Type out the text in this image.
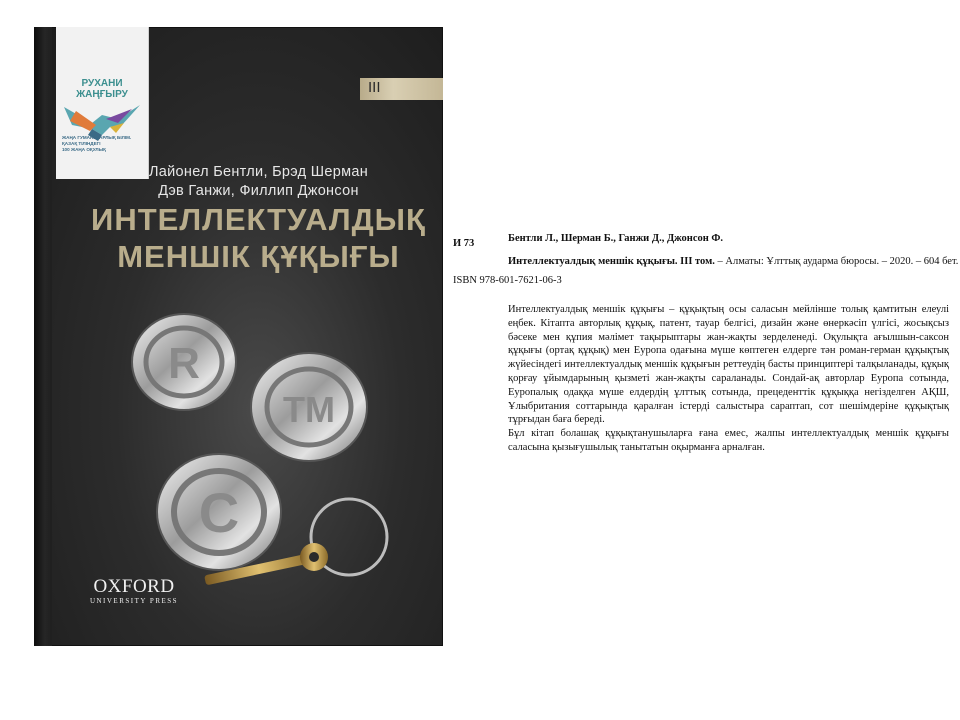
РУХАНИ
ЖАҢҒЫРУ
ЖАҢА ГУМАНИТАРЛЫҚ БІЛІМ.
ҚАЗАҚ ТІЛІНДЕГІ
100 ЖАҢА ОҚУЛЫҚ
III
Лайонел Бентли, Брэд Шерман
Дэв Ганжи, Филлип Джонсон
ИНТЕЛЛЕКТУАЛДЫҚ
МЕНШІК ҚҰҚЫҒЫ
R
TM
C
OXFORD
UNIVERSITY PRESS
И 73	Бентли Л., Шерман Б., Ганжи Д., Джонсон Ф.
Интеллектуалдық меншік құқығы. III том. – Алматы: Ұлттық аударма бюросы. – 2020. – 604 бет.
ISBN 978-601-7621-06-3

Интеллектуалдық меншік құқығы – құқықтың осы саласын мейлінше толық қамтитын елеулі еңбек. Кітапта авторлық құқық, патент, тауар белгісі, дизайн және өнеркәсіп үлгісі, жосықсыз бәсеке мен құпия мәлімет тақырыптары жан-жақты зерделенеді. Оқулықта ағылшын-саксон құқығы (ортақ құқық) мен Еуропа одағына мүше көптеген елдерге тән роман-герман құқықтық жүйесіндегі интеллектуалдық меншік құқығын реттеудің басты принциптері талқыланады, құқық қорғау ұйымдарының қызметі жан-жақты сараланады. Сондай-ақ авторлар Еуропа сотында, Еуропалық одаққа мүше елдердің ұлттық сотында, прецеденттік құқыққа негізделген АҚШ, Ұлыбритания соттарында қаралған істерді салыстыра сараптап, сот шешімдеріне құқықтық тұрғыдан баға береді.

Бұл кітап болашақ құқықтанушыларға ғана емес, жалпы интеллектуалдық меншік құқығы саласына қызығушылық танытатын оқырманға арналған.
